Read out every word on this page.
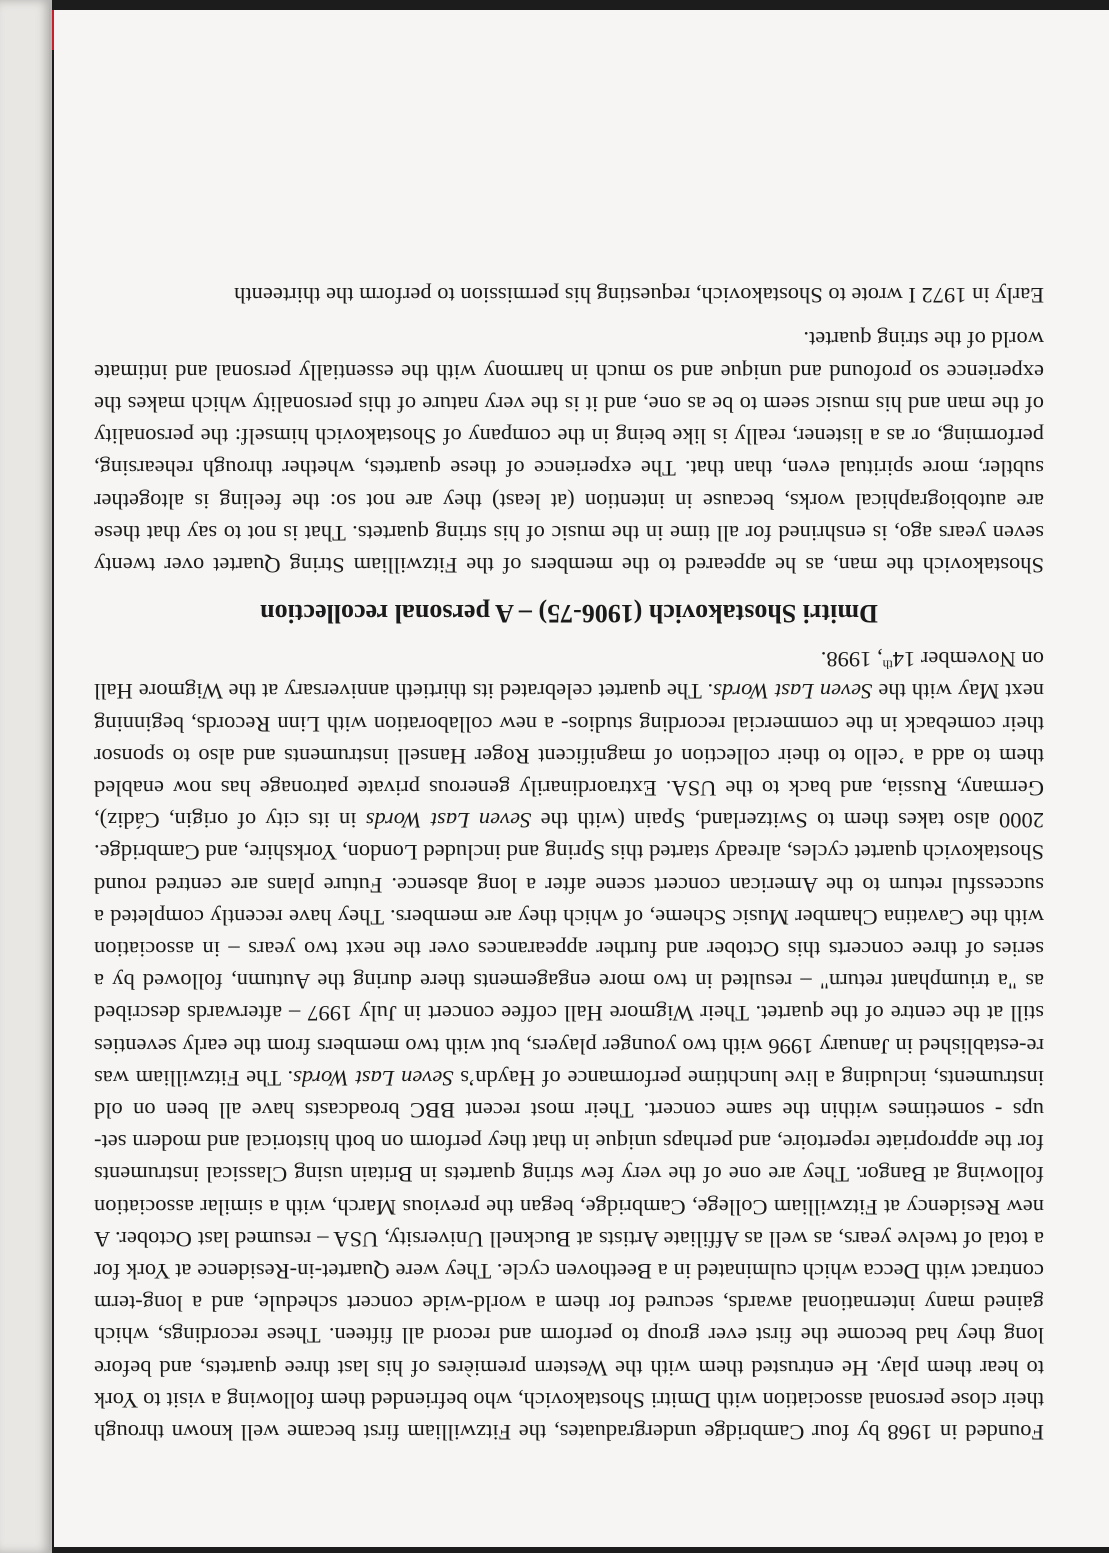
Founded in 1968 by four Cambridge undergraduates, the Fitzwilliam first became well known through their close personal association with Dmitri Shostakovich, who befriended them following a visit to York to hear them play. He entrusted them with the Western premières of his last three quartets, and before long they had become the first ever group to perform and record all fifteen. These recordings, which gained many international awards, secured for them a world-wide concert schedule, and a long-term contract with Decca which culminated in a Beethoven cycle. They were Quartet-in-Residence at York for a total of twelve years, as well as Affiliate Artists at Bucknell University, USA – resumed last October. A new Residency at Fitzwilliam College, Cambridge, began the previous March, with a similar association following at Bangor. They are one of the very few string quartets in Britain using Classical instruments for the appropriate repertoire, and perhaps unique in that they perform on both historical and modern set-ups - sometimes within the same concert. Their most recent BBC broadcasts have all been on old instruments, including a live lunchtime performance of Haydn’s Seven Last Words. The Fitzwilliam was re-established in January 1996 with two younger players, but with two members from the early seventies still at the centre of the quartet. Their Wigmore Hall coffee concert in July 1997 – afterwards described as "a triumphant return" – resulted in two more engagements there during the Autumn, followed by a series of three concerts this October and further appearances over the next two years – in association with the Cavatina Chamber Music Scheme, of which they are members. They have recently completed a successful return to the American concert scene after a long absence. Future plans are centred round Shostakovich quartet cycles, already started this Spring and included London, Yorkshire, and Cambridge. 2000 also takes them to Switzerland, Spain (with the Seven Last Words in its city of origin, Cádiz), Germany, Russia, and back to the USA. Extraordinarily generous private patronage has now enabled them to add a ’cello to their collection of magnificent Roger Hansell instruments and also to sponsor their comeback in the commercial recording studios- a new collaboration with Linn Records, beginning next May with the Seven Last Words. The quartet celebrated its thirtieth anniversary at the Wigmore Hall on November 14th, 1998.

Dmitri Shostakovich (1906-75) – A personal recollection

Shostakovich the man, as he appeared to the members of the Fitzwilliam String Quartet over twenty seven years ago, is enshrined for all time in the music of his string quartets. That is not to say that these are autobiographical works, because in intention (at least) they are not so: the feeling is altogether subtler, more spiritual even, than that. The experience of these quartets, whether through rehearsing, performing, or as a listener, really is like being in the company of Shostakovich himself: the personality of the man and his music seem to be as one, and it is the very nature of this personality which makes the experience so profound and unique and so much in harmony with the essentially personal and intimate world of the string quartet.

Early in 1972 I wrote to Shostakovich, requesting his permission to perform the thirteenth
